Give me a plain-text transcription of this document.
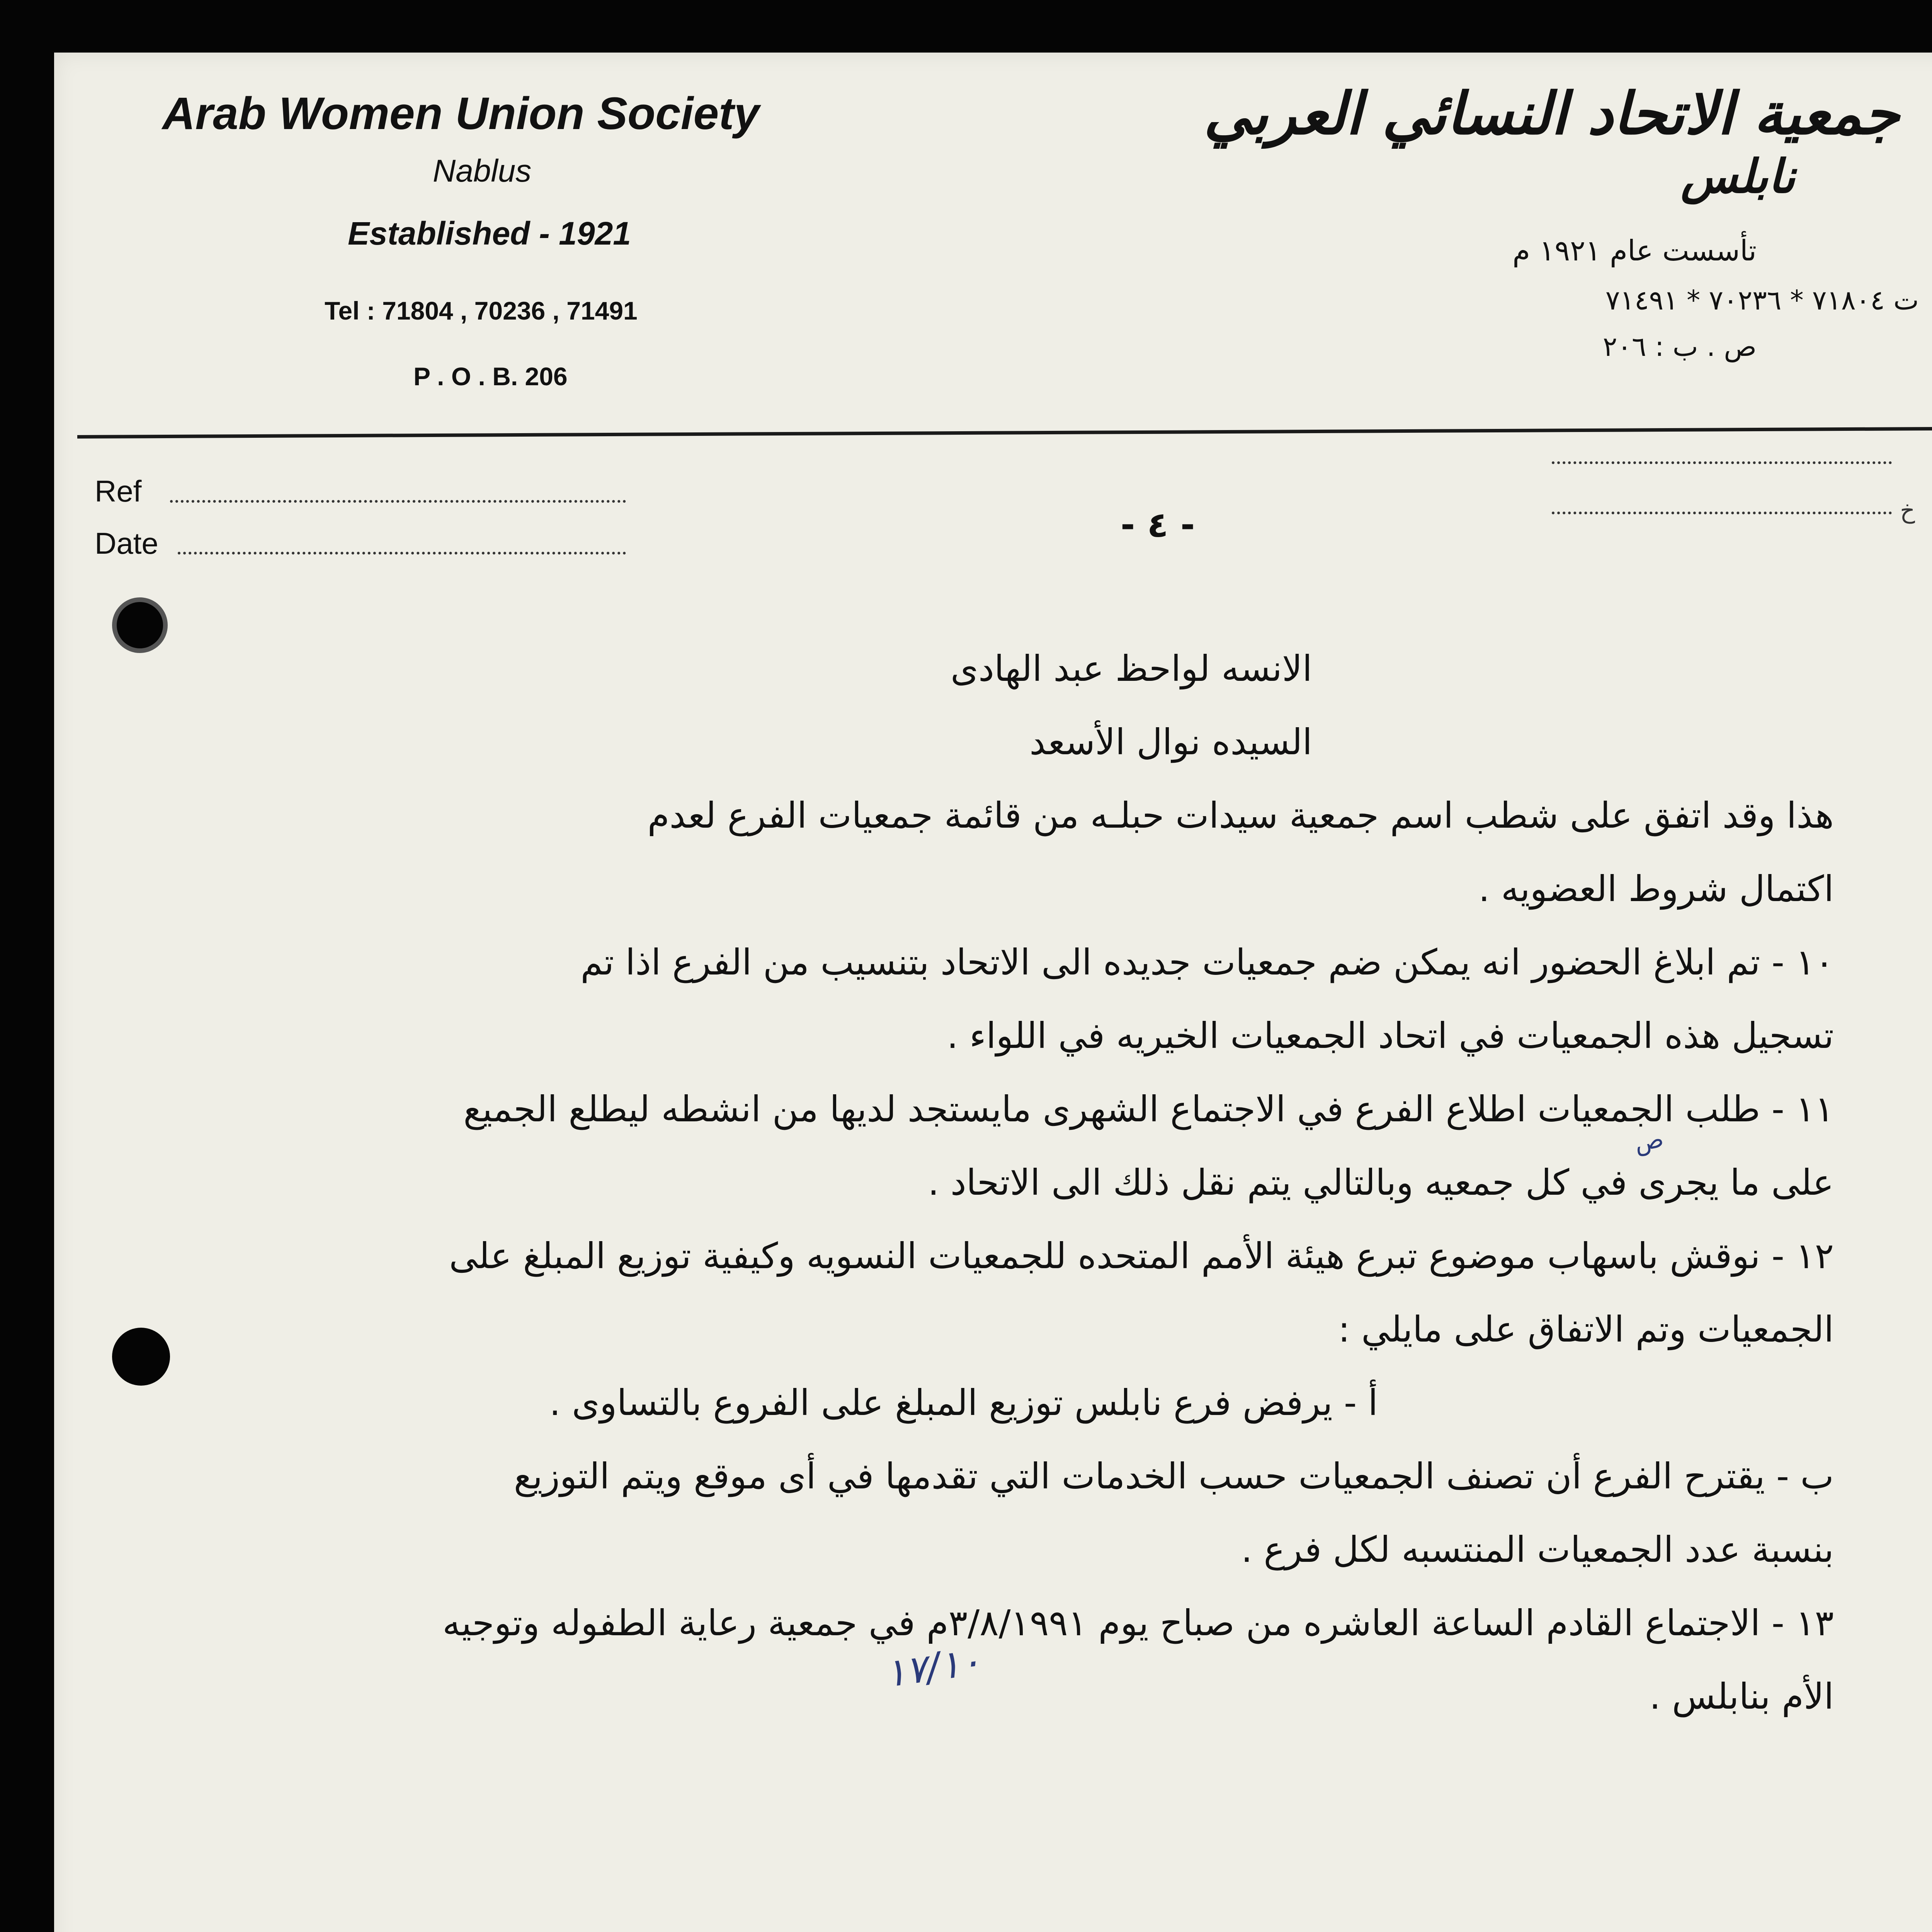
Arab Women Union Society
Nablus
Established - 1921
Tel : 71804 , 70236 , 71491
P . O . B. 206
جمعية الاتحاد النسائي العربي
نابلس
تأسست عام ١٩٢١ م
ت ٧١٨٠٤ * ٧٠٢٣٦ * ٧١٤٩١
ص . ب : ٢٠٦
Ref
Date
خ
- ٤ -
الانسه لواحظ عبد الهادى
السيده نوال الأسعد
هذا وقد اتفق على شطب اسم جمعية سيدات حبلـه من قائمة جمعيات الفرع لعدم
اكتمال شروط العضويه .
١٠ - تم ابلاغ الحضور انه يمكن ضم جمعيات جديده الى الاتحاد بتنسيب من الفرع اذا تم
تسجيل هذه الجمعيات في اتحاد الجمعيات الخيريه في اللواء .
١١ - طلب الجمعيات اطلاع الفرع في الاجتماع الشهرى مايستجد لديها من انشطه ليطلع الجميع
على ما يجرى في كل جمعيه وبالتالي يتم نقل ذلك الى الاتحاد .
١٢ - نوقش باسهاب موضوع تبرع هيئة الأمم المتحده للجمعيات النسويه وكيفية توزيع المبلغ على
الجمعيات وتم الاتفاق على مايلي :
أ - يرفض فرع نابلس توزيع المبلغ على الفروع بالتساوى .
ب - يقترح الفرع أن تصنف الجمعيات حسب الخدمات التي تقدمها في أى موقع ويتم التوزيع
بنسبة عدد الجمعيات المنتسبه لكل فرع .
١٣ - الاجتماع القادم الساعة العاشره من صباح يوم ٣/٨/١٩٩١م في جمعية رعاية الطفوله وتوجيه
الأم بنابلس .
١٧/١٠
ص
